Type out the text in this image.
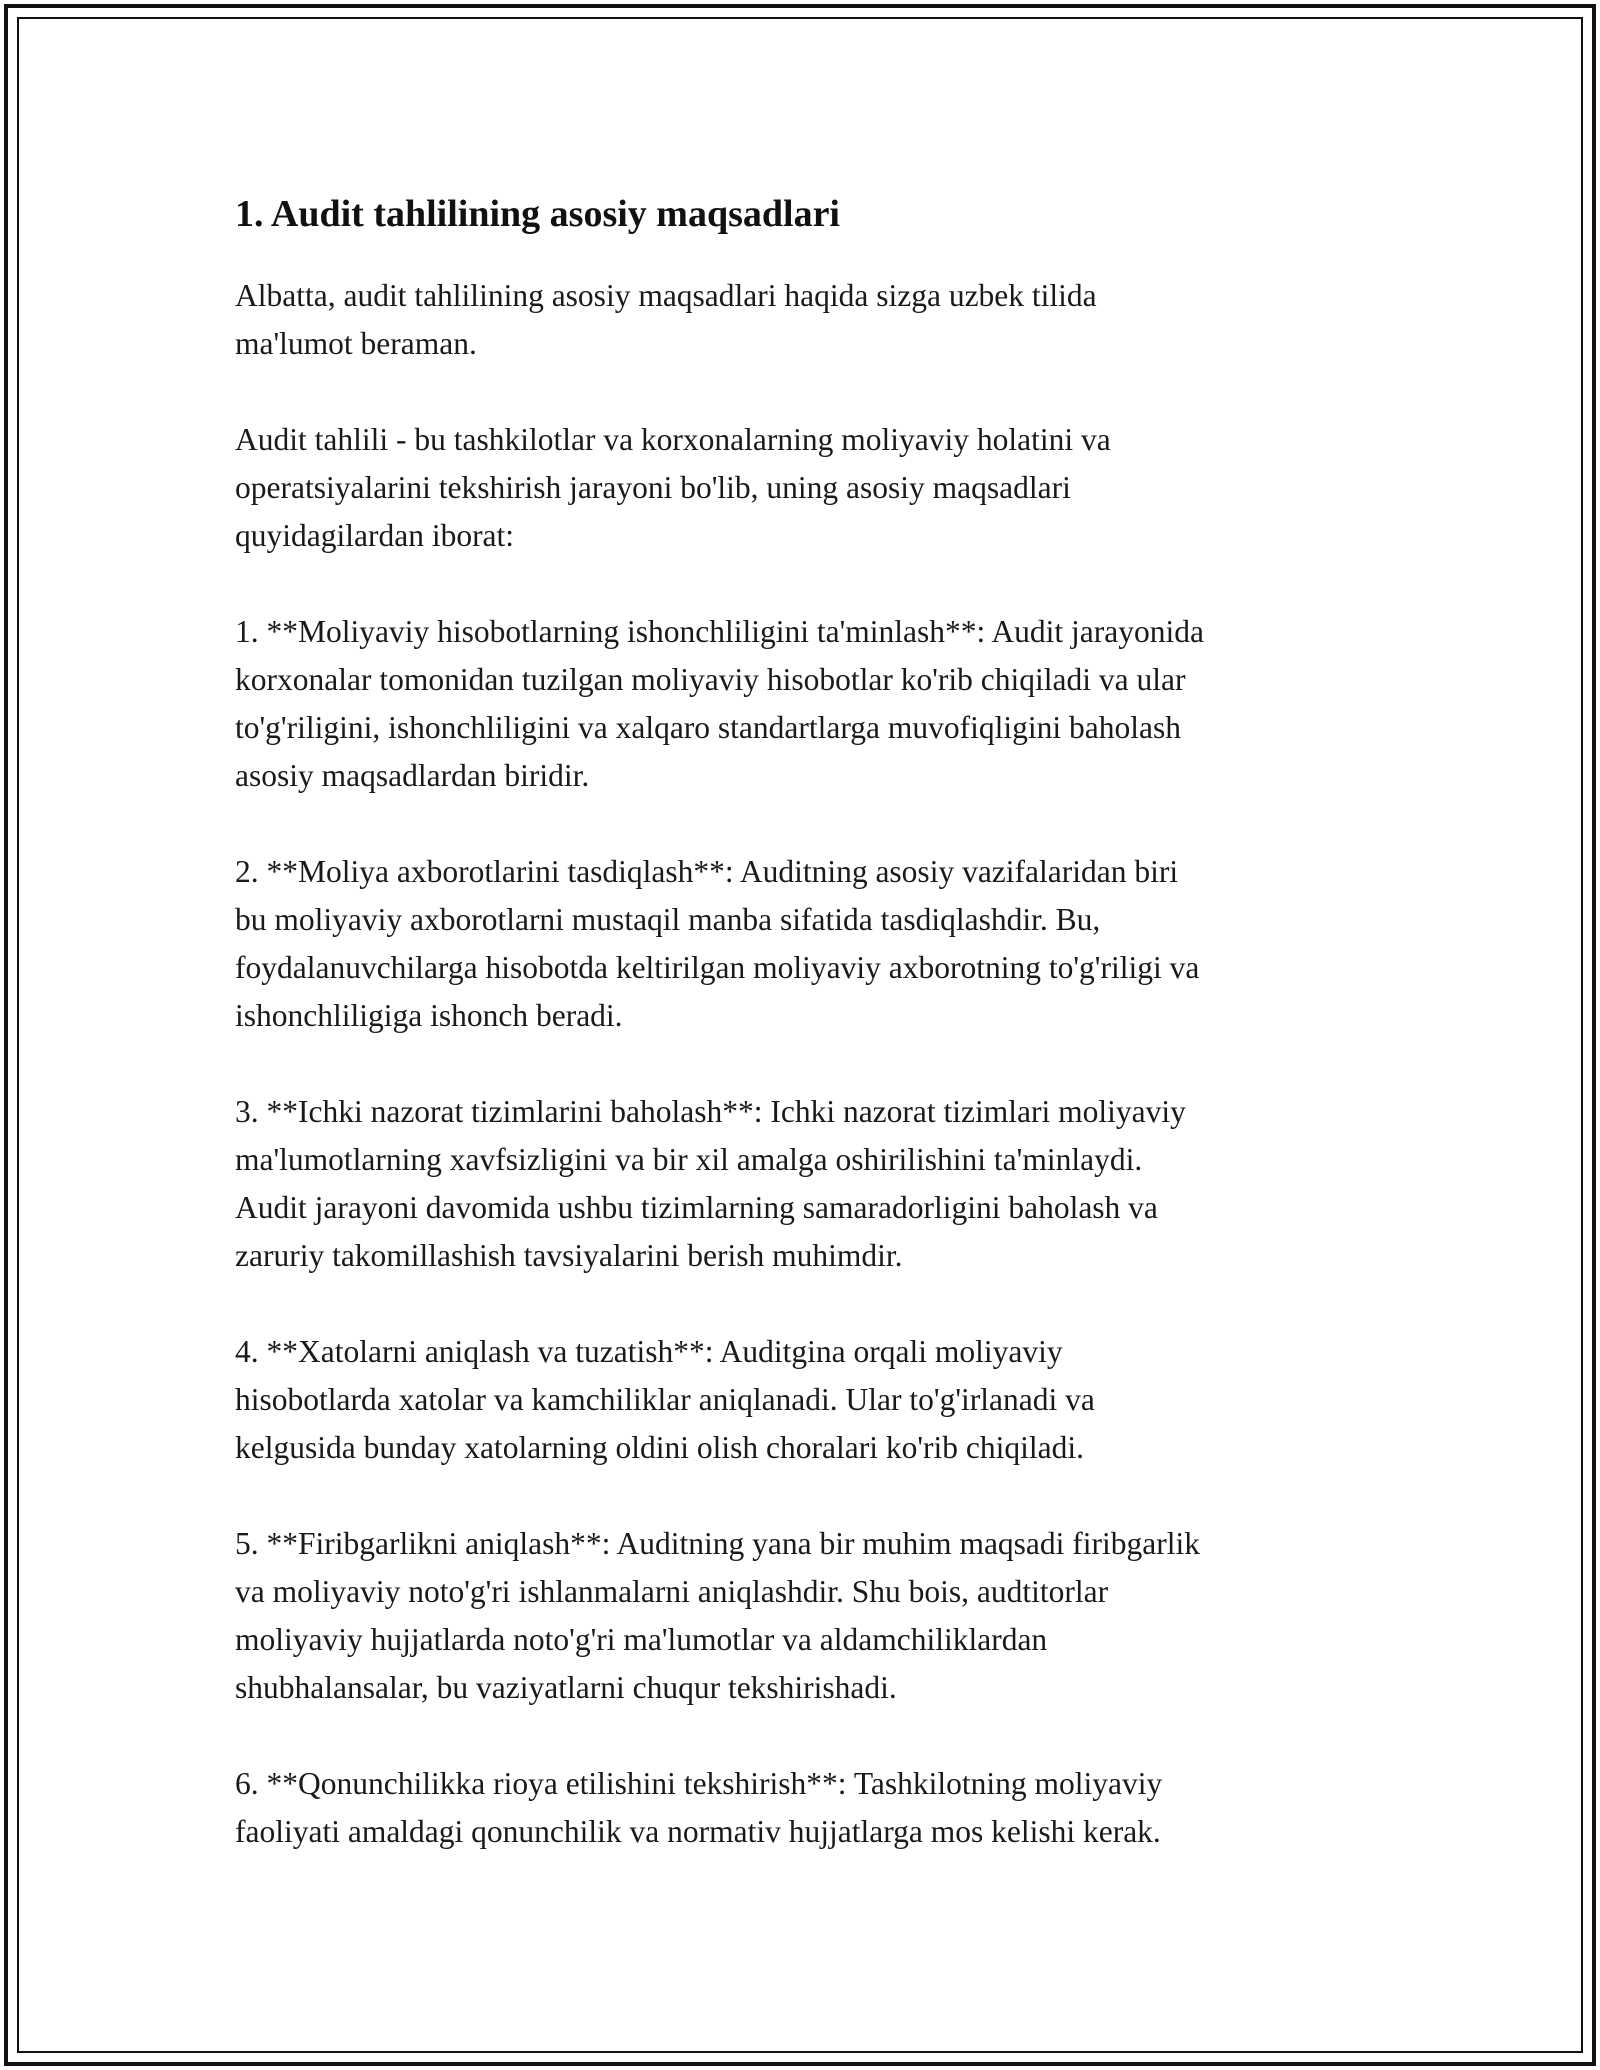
1. Audit tahlilining asosiy maqsadlari

Albatta, audit tahlilining asosiy maqsadlari haqida sizga uzbek tilida
ma'lumot beraman.

Audit tahlili - bu tashkilotlar va korxonalarning moliyaviy holatini va
operatsiyalarini tekshirish jarayoni bo'lib, uning asosiy maqsadlari
quyidagilardan iborat:

1. **Moliyaviy hisobotlarning ishonchliligini ta'minlash**: Audit jarayonida
korxonalar tomonidan tuzilgan moliyaviy hisobotlar ko'rib chiqiladi va ular
to'g'riligini, ishonchliligini va xalqaro standartlarga muvofiqligini baholash
asosiy maqsadlardan biridir.

2. **Moliya axborotlarini tasdiqlash**: Auditning asosiy vazifalaridan biri
bu moliyaviy axborotlarni mustaqil manba sifatida tasdiqlashdir. Bu,
foydalanuvchilarga hisobotda keltirilgan moliyaviy axborotning to'g'riligi va
ishonchliligiga ishonch beradi.

3. **Ichki nazorat tizimlarini baholash**: Ichki nazorat tizimlari moliyaviy
ma'lumotlarning xavfsizligini va bir xil amalga oshirilishini ta'minlaydi.
Audit jarayoni davomida ushbu tizimlarning samaradorligini baholash va
zaruriy takomillashish tavsiyalarini berish muhimdir.

4. **Xatolarni aniqlash va tuzatish**: Auditgina orqali moliyaviy
hisobotlarda xatolar va kamchiliklar aniqlanadi. Ular to'g'irlanadi va
kelgusida bunday xatolarning oldini olish choralari ko'rib chiqiladi.

5. **Firibgarlikni aniqlash**: Auditning yana bir muhim maqsadi firibgarlik
va moliyaviy noto'g'ri ishlanmalarni aniqlashdir. Shu bois, audtitorlar
moliyaviy hujjatlarda noto'g'ri ma'lumotlar va aldamchiliklardan
shubhalansalar, bu vaziyatlarni chuqur tekshirishadi.

6. **Qonunchilikka rioya etilishini tekshirish**: Tashkilotning moliyaviy
faoliyati amaldagi qonunchilik va normativ hujjatlarga mos kelishi kerak.
